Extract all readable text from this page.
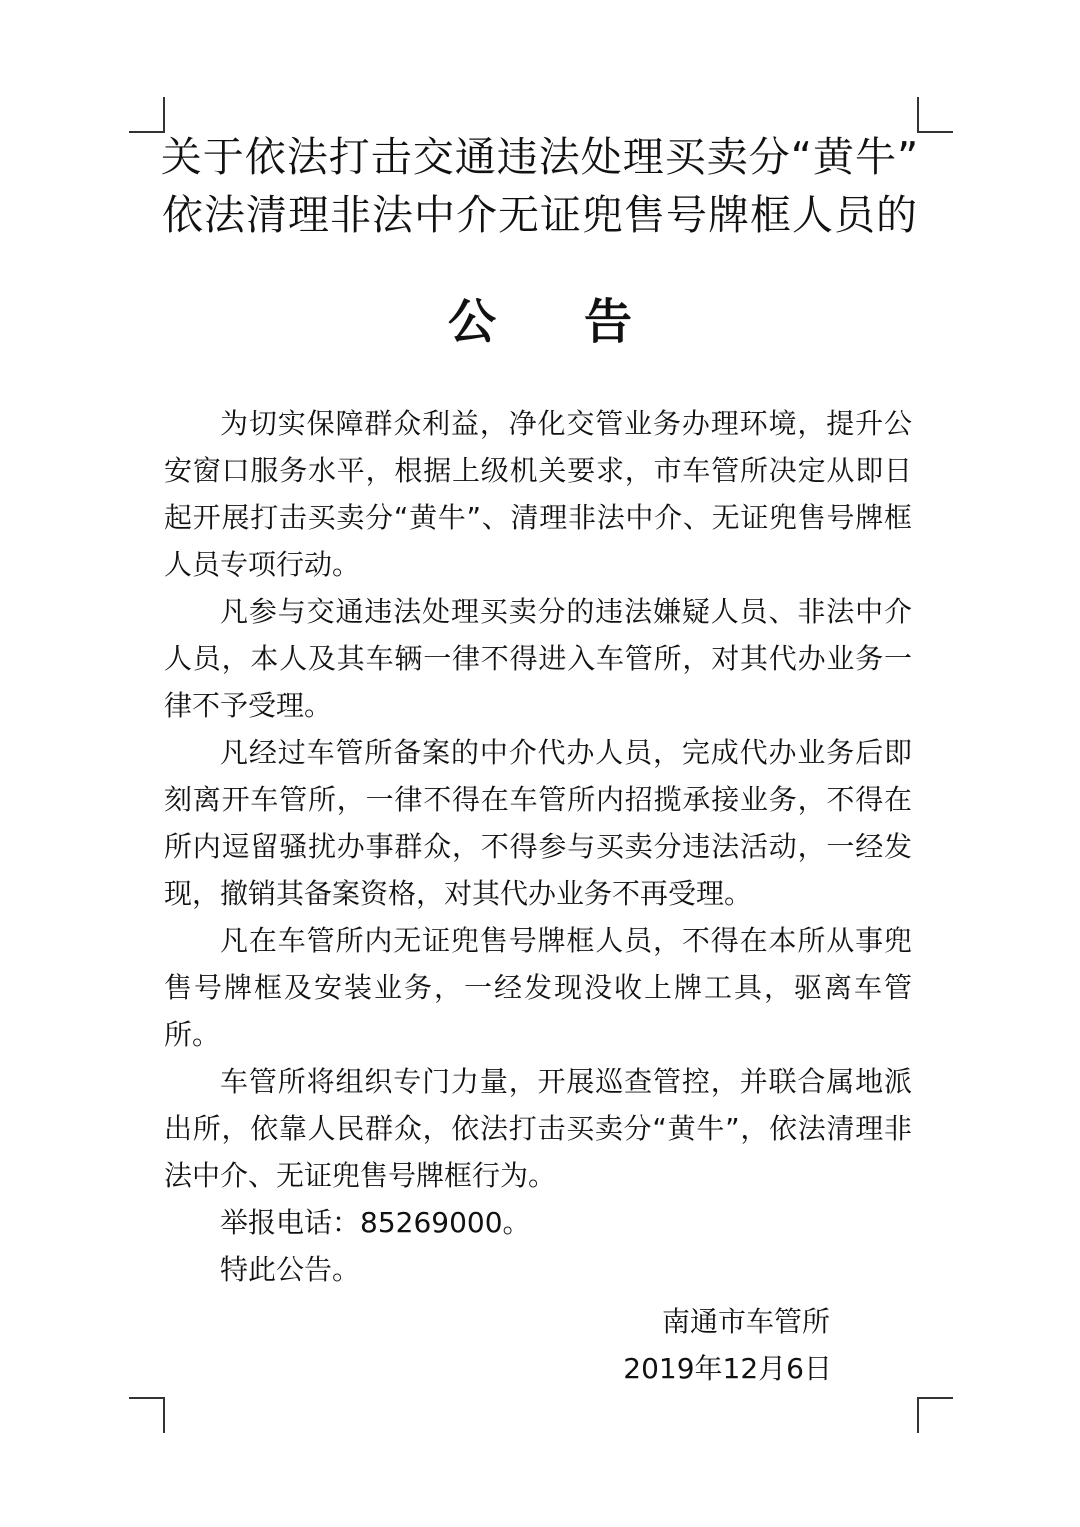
关于依法打击交通违法处理买卖分“黄牛”
依法清理非法中介无证兜售号牌框人员的
公告

为切实保障群众利益，净化交管业务办理环境，提升公安窗口服务水平，根据上级机关要求，市车管所决定从即日起开展打击买卖分“黄牛”、清理非法中介、无证兜售号牌框人员专项行动。

凡参与交通违法处理买卖分的违法嫌疑人员、非法中介人员，本人及其车辆一律不得进入车管所，对其代办业务一律不予受理。

凡经过车管所备案的中介代办人员，完成代办业务后即刻离开车管所，一律不得在车管所内招揽承接业务，不得在所内逗留骚扰办事群众，不得参与买卖分违法活动，一经发现，撤销其备案资格，对其代办业务不再受理。

凡在车管所内无证兜售号牌框人员，不得在本所从事兜售号牌框及安装业务，一经发现没收上牌工具，驱离车管所。

车管所将组织专门力量，开展巡查管控，并联合属地派出所，依靠人民群众，依法打击买卖分“黄牛”，依法清理非法中介、无证兜售号牌框行为。

举报电话：85269000。

特此公告。

南通市车管所
2019年12月6日
